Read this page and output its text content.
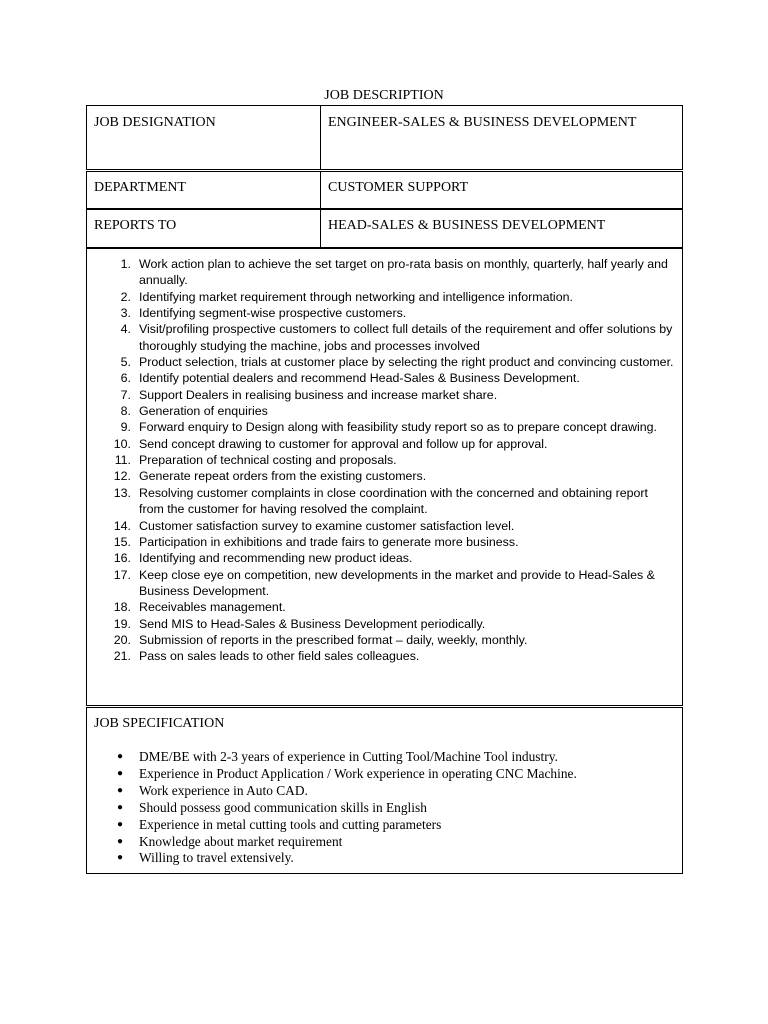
JOB DESCRIPTION
JOB DESIGNATION	ENGINEER-SALES & BUSINESS DEVELOPMENT
DEPARTMENT	CUSTOMER SUPPORT
REPORTS TO	HEAD-SALES & BUSINESS DEVELOPMENT
1. Work action plan to achieve the set target on pro-rata basis on monthly, quarterly, half yearly and annually.
2. Identifying market requirement through networking and intelligence information.
3. Identifying segment-wise prospective customers.
4. Visit/profiling prospective customers to collect full details of the requirement and offer solutions by thoroughly studying the machine, jobs and processes involved
5. Product selection, trials at customer place by selecting the right product and convincing customer.
6. Identify potential dealers and recommend Head-Sales & Business Development.
7. Support Dealers in realising business and increase market share.
8. Generation of enquiries
9. Forward enquiry to Design along with feasibility study report so as to prepare concept drawing.
10. Send concept drawing to customer for approval and follow up for approval.
11. Preparation of technical costing and proposals.
12. Generate repeat orders from the existing customers.
13. Resolving customer complaints in close coordination with the concerned and obtaining report from the customer for having resolved the complaint.
14. Customer satisfaction survey to examine customer satisfaction level.
15. Participation in exhibitions and trade fairs to generate more business.
16. Identifying and recommending new product ideas.
17. Keep close eye on competition, new developments in the market and provide to Head-Sales & Business Development.
18. Receivables management.
19. Send MIS to Head-Sales & Business Development periodically.
20. Submission of reports in the prescribed format – daily, weekly, monthly.
21. Pass on sales leads to other field sales colleagues.
JOB SPECIFICATION
● DME/BE with 2-3 years of experience in Cutting Tool/Machine Tool industry.
● Experience in Product Application / Work experience in operating CNC Machine.
● Work experience in Auto CAD.
● Should possess good communication skills in English
● Experience in metal cutting tools and cutting parameters
● Knowledge about market requirement
● Willing to travel extensively.
